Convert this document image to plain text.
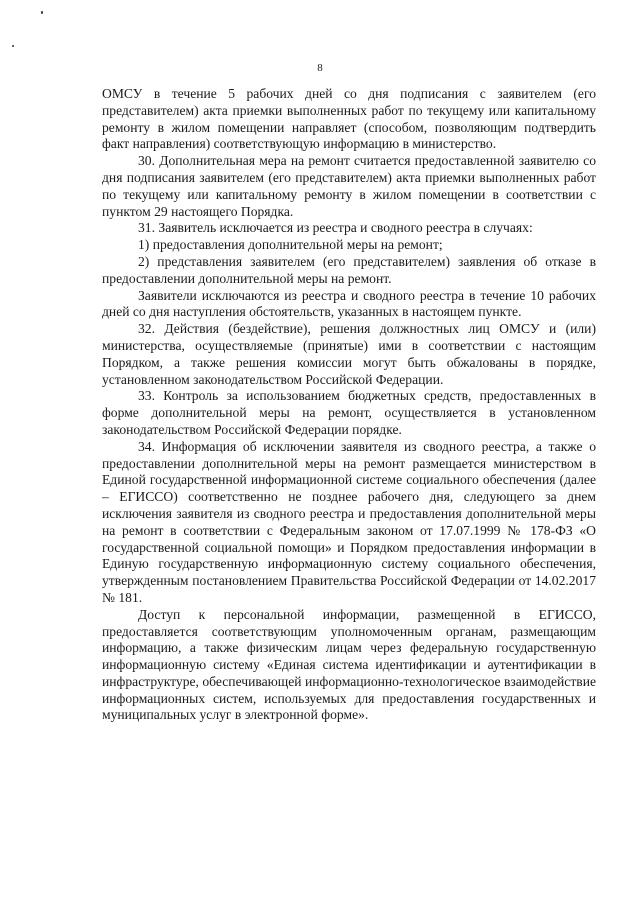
8

ОМСУ в течение 5 рабочих дней со дня подписания с заявителем (его представителем) акта приемки выполненных работ по текущему или капитальному ремонту в жилом помещении направляет (способом, позволяющим подтвердить факт направления) соответствующую информацию в министерство.

30. Дополнительная мера на ремонт считается предоставленной заявителю со дня подписания заявителем (его представителем) акта приемки выполненных работ по текущему или капитальному ремонту в жилом помещении в соответствии с пунктом 29 настоящего Порядка.

31. Заявитель исключается из реестра и сводного реестра в случаях:

1) предоставления дополнительной меры на ремонт;

2) представления заявителем (его представителем) заявления об отказе в предоставлении дополнительной меры на ремонт.

Заявители исключаются из реестра и сводного реестра в течение 10 рабочих дней со дня наступления обстоятельств, указанных в настоящем пункте.

32. Действия (бездействие), решения должностных лиц ОМСУ и (или) министерства, осуществляемые (принятые) ими в соответствии с настоящим Порядком, а также решения комиссии могут быть обжалованы в порядке, установленном законодательством Российской Федерации.

33. Контроль за использованием бюджетных средств, предоставленных в форме дополнительной меры на ремонт, осуществляется в установленном законодательством Российской Федерации порядке.

34. Информация об исключении заявителя из сводного реестра, а также о предоставлении дополнительной меры на ремонт размещается министерством в Единой государственной информационной системе социального обеспечения (далее – ЕГИССО) соответственно не позднее рабочего дня, следующего за днем исключения заявителя из сводного реестра и предоставления дополнительной меры на ремонт в соответствии с Федеральным законом от 17.07.1999 № 178-ФЗ «О государственной социальной помощи» и Порядком предоставления информации в Единую государственную информационную систему социального обеспечения, утвержденным постановлением Правительства Российской Федерации от 14.02.2017 № 181.

Доступ к персональной информации, размещенной в ЕГИССО, предоставляется соответствующим уполномоченным органам, размещающим информацию, а также физическим лицам через федеральную государственную информационную систему «Единая система идентификации и аутентификации в инфраструктуре, обеспечивающей информационно-технологическое взаимодействие информационных систем, используемых для предоставления государственных и муниципальных услуг в электронной форме».
